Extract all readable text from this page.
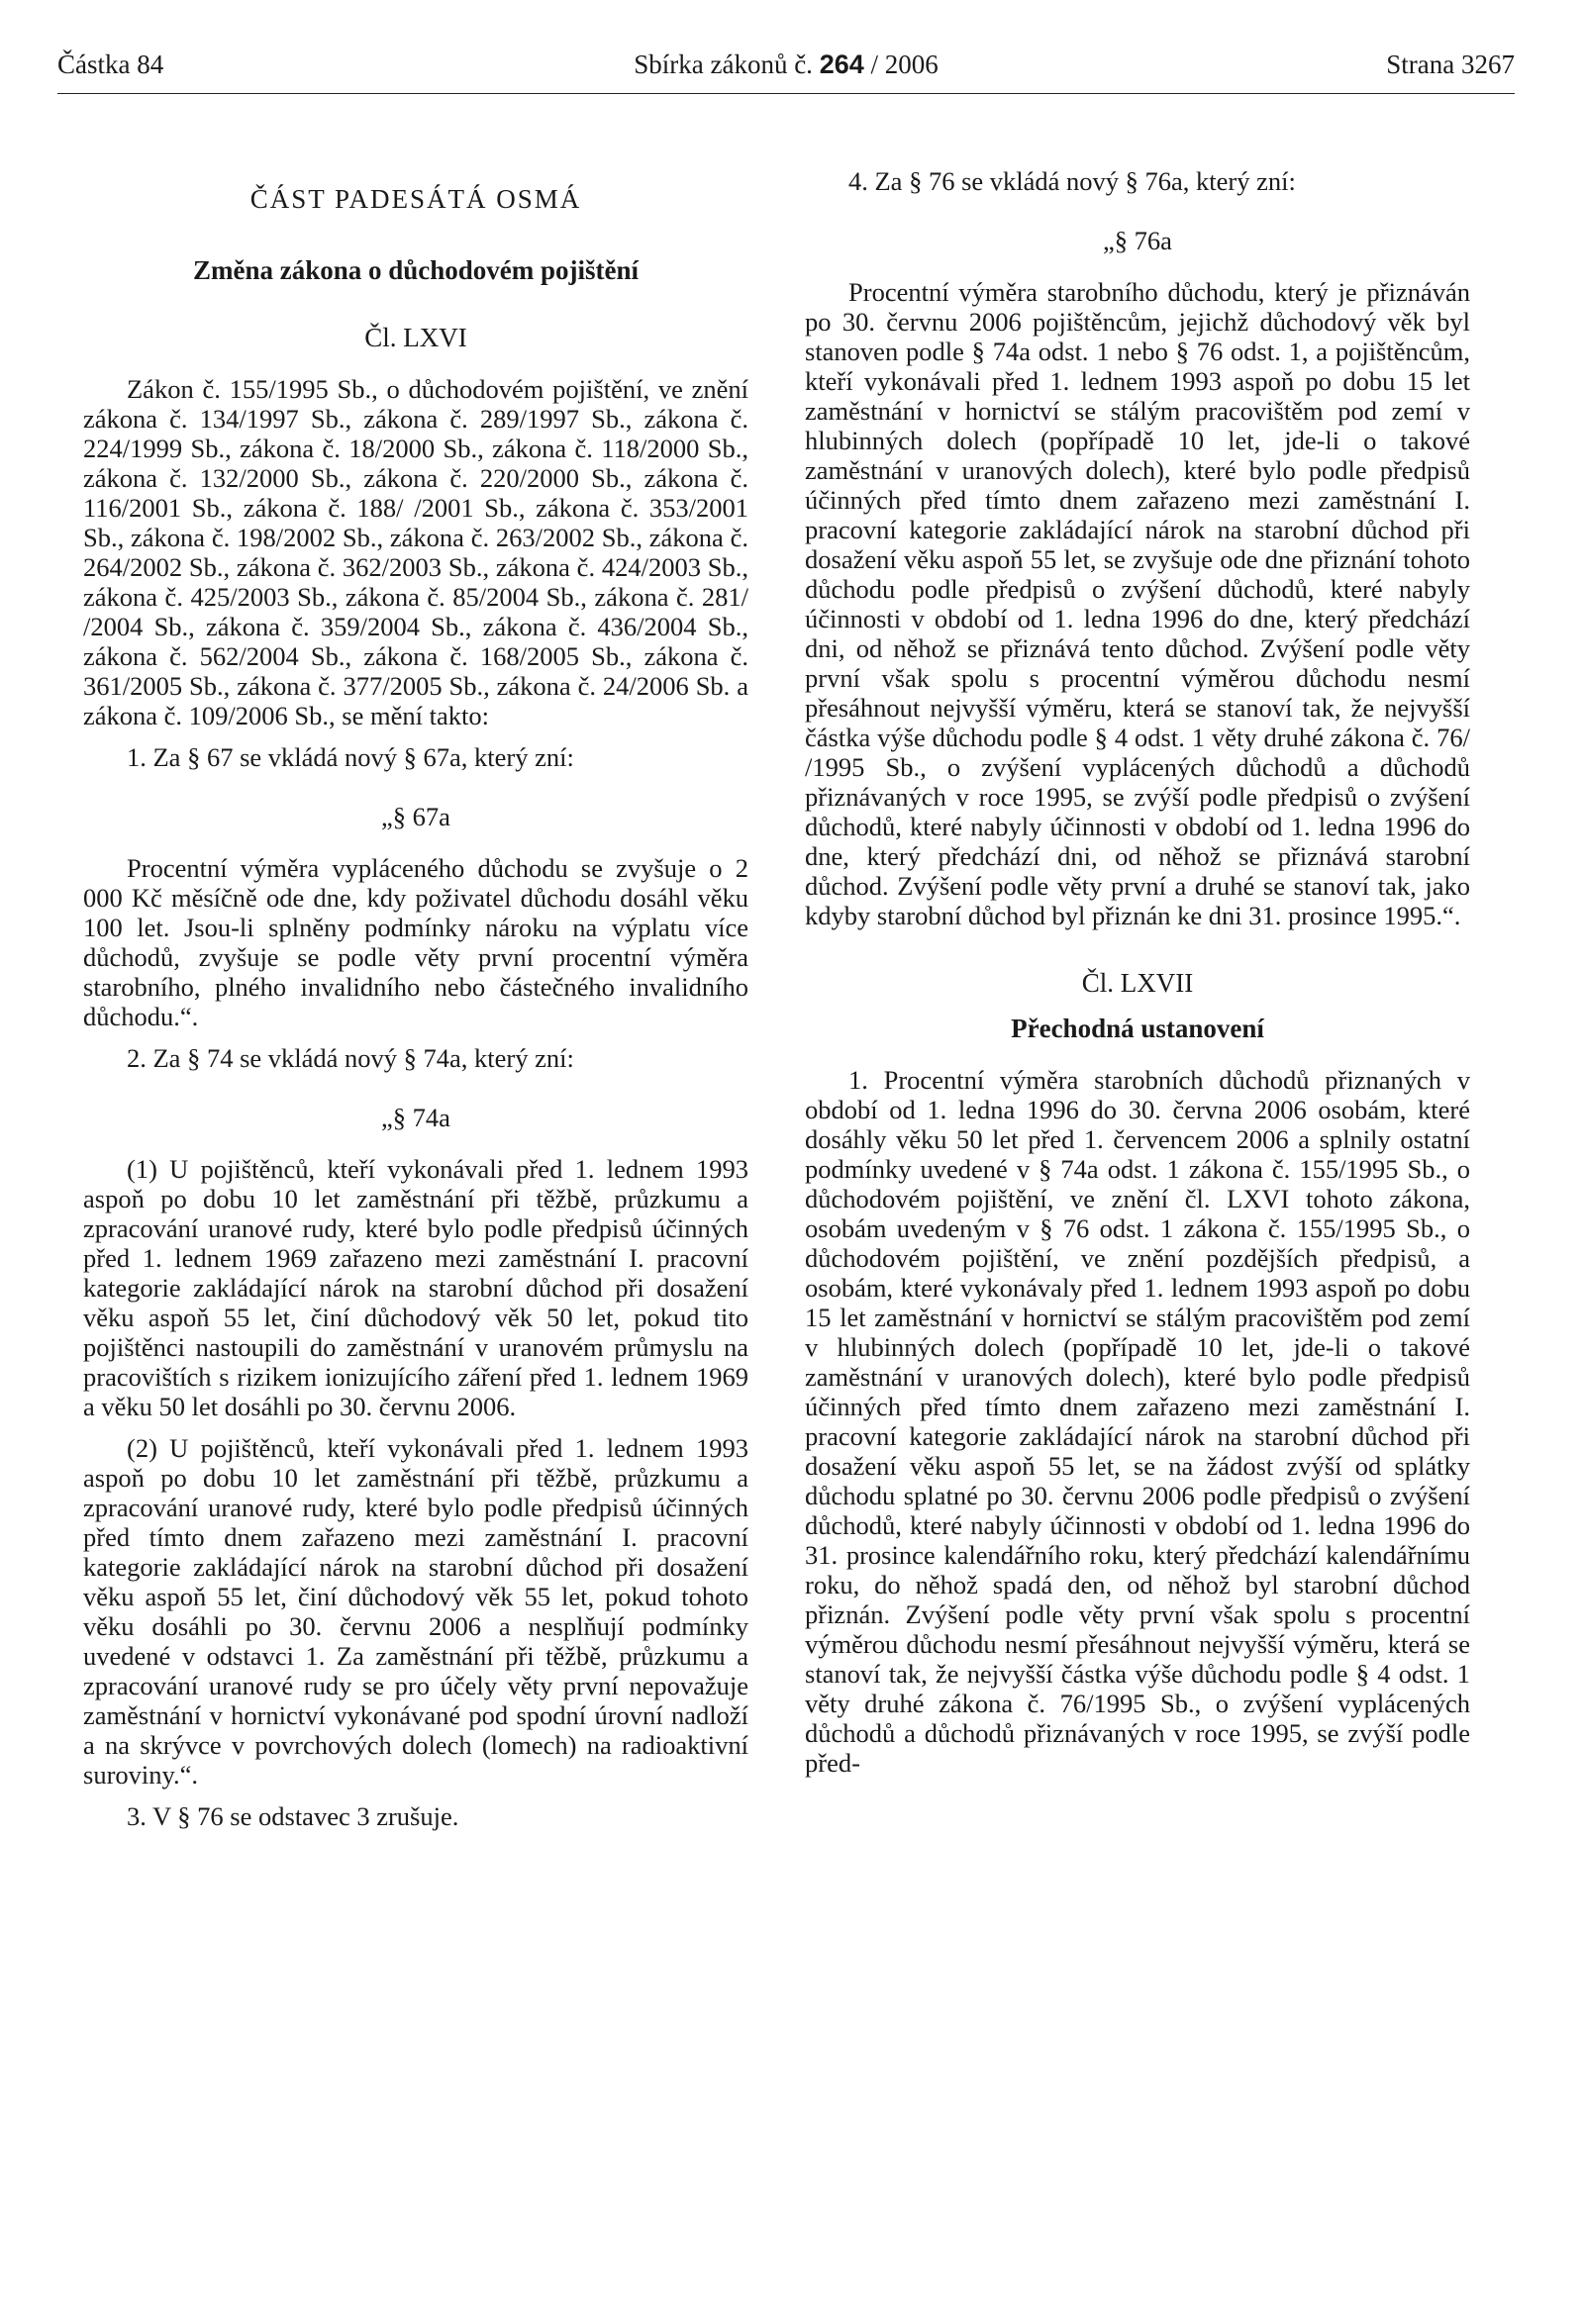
Částka 84	Sbírka zákonů č. 264 / 2006	Strana 3267

ČÁST PADESÁTÁ OSMÁ

Změna zákona o důchodovém pojištění

Čl. LXVI

Zákon č. 155/1995 Sb., o důchodovém pojištění, ve znění zákona č. 134/1997 Sb., zákona č. 289/1997 Sb., zákona č. 224/1999 Sb., zákona č. 18/2000 Sb., zákona č. 118/2000 Sb., zákona č. 132/2000 Sb., zákona č. 220/2000 Sb., zákona č. 116/2001 Sb., zákona č. 188/ /2001 Sb., zákona č. 353/2001 Sb., zákona č. 198/2002 Sb., zákona č. 263/2002 Sb., zákona č. 264/2002 Sb., zákona č. 362/2003 Sb., zákona č. 424/2003 Sb., zákona č. 425/2003 Sb., zákona č. 85/2004 Sb., zákona č. 281/ /2004 Sb., zákona č. 359/2004 Sb., zákona č. 436/2004 Sb., zákona č. 562/2004 Sb., zákona č. 168/2005 Sb., zákona č. 361/2005 Sb., zákona č. 377/2005 Sb., zákona č. 24/2006 Sb. a zákona č. 109/2006 Sb., se mění takto:

1. Za § 67 se vkládá nový § 67a, který zní:

„§ 67a

Procentní výměra vypláceného důchodu se zvyšuje o 2 000 Kč měsíčně ode dne, kdy poživatel důchodu dosáhl věku 100 let. Jsou-li splněny podmínky nároku na výplatu více důchodů, zvyšuje se podle věty první procentní výměra starobního, plného invalidního nebo částečného invalidního důchodu.“.

2. Za § 74 se vkládá nový § 74a, který zní:

„§ 74a

(1) U pojištěnců, kteří vykonávali před 1. lednem 1993 aspoň po dobu 10 let zaměstnání při těžbě, průzkumu a zpracování uranové rudy, které bylo podle předpisů účinných před 1. lednem 1969 zařazeno mezi zaměstnání I. pracovní kategorie zakládající nárok na starobní důchod při dosažení věku aspoň 55 let, činí důchodový věk 50 let, pokud tito pojištěnci nastoupili do zaměstnání v uranovém průmyslu na pracovištích s rizikem ionizujícího záření před 1. lednem 1969 a věku 50 let dosáhli po 30. červnu 2006.

(2) U pojištěnců, kteří vykonávali před 1. lednem 1993 aspoň po dobu 10 let zaměstnání při těžbě, průzkumu a zpracování uranové rudy, které bylo podle předpisů účinných před tímto dnem zařazeno mezi zaměstnání I. pracovní kategorie zakládající nárok na starobní důchod při dosažení věku aspoň 55 let, činí důchodový věk 55 let, pokud tohoto věku dosáhli po 30. červnu 2006 a nesplňují podmínky uvedené v odstavci 1. Za zaměstnání při těžbě, průzkumu a zpracování uranové rudy se pro účely věty první nepovažuje zaměstnání v hornictví vykonávané pod spodní úrovní nadloží a na skrývce v povrchových dolech (lomech) na radioaktivní suroviny.“.

3. V § 76 se odstavec 3 zrušuje.

4. Za § 76 se vkládá nový § 76a, který zní:

„§ 76a

Procentní výměra starobního důchodu, který je přiznáván po 30. červnu 2006 pojištěncům, jejichž důchodový věk byl stanoven podle § 74a odst. 1 nebo § 76 odst. 1, a pojištěncům, kteří vykonávali před 1. lednem 1993 aspoň po dobu 15 let zaměstnání v hornictví se stálým pracovištěm pod zemí v hlubinných dolech (popřípadě 10 let, jde-li o takové zaměstnání v uranových dolech), které bylo podle předpisů účinných před tímto dnem zařazeno mezi zaměstnání I. pracovní kategorie zakládající nárok na starobní důchod při dosažení věku aspoň 55 let, se zvyšuje ode dne přiznání tohoto důchodu podle předpisů o zvýšení důchodů, které nabyly účinnosti v období od 1. ledna 1996 do dne, který předchází dni, od něhož se přiznává tento důchod. Zvýšení podle věty první však spolu s procentní výměrou důchodu nesmí přesáhnout nejvyšší výměru, která se stanoví tak, že nejvyšší částka výše důchodu podle § 4 odst. 1 věty druhé zákona č. 76/ /1995 Sb., o zvýšení vyplácených důchodů a důchodů přiznávaných v roce 1995, se zvýší podle předpisů o zvýšení důchodů, které nabyly účinnosti v období od 1. ledna 1996 do dne, který předchází dni, od něhož se přiznává starobní důchod. Zvýšení podle věty první a druhé se stanoví tak, jako kdyby starobní důchod byl přiznán ke dni 31. prosince 1995.“.

Čl. LXVII

Přechodná ustanovení

1. Procentní výměra starobních důchodů přiznaných v období od 1. ledna 1996 do 30. června 2006 osobám, které dosáhly věku 50 let před 1. červencem 2006 a splnily ostatní podmínky uvedené v § 74a odst. 1 zákona č. 155/1995 Sb., o důchodovém pojištění, ve znění čl. LXVI tohoto zákona, osobám uvedeným v § 76 odst. 1 zákona č. 155/1995 Sb., o důchodovém pojištění, ve znění pozdějších předpisů, a osobám, které vykonávaly před 1. lednem 1993 aspoň po dobu 15 let zaměstnání v hornictví se stálým pracovištěm pod zemí v hlubinných dolech (popřípadě 10 let, jde-li o takové zaměstnání v uranových dolech), které bylo podle předpisů účinných před tímto dnem zařazeno mezi zaměstnání I. pracovní kategorie zakládající nárok na starobní důchod při dosažení věku aspoň 55 let, se na žádost zvýší od splátky důchodu splatné po 30. červnu 2006 podle předpisů o zvýšení důchodů, které nabyly účinnosti v období od 1. ledna 1996 do 31. prosince kalendářního roku, který předchází kalendářnímu roku, do něhož spadá den, od něhož byl starobní důchod přiznán. Zvýšení podle věty první však spolu s procentní výměrou důchodu nesmí přesáhnout nejvyšší výměru, která se stanoví tak, že nejvyšší částka výše důchodu podle § 4 odst. 1 věty druhé zákona č. 76/1995 Sb., o zvýšení vyplácených důchodů a důchodů přiznávaných v roce 1995, se zvýší podle před-
